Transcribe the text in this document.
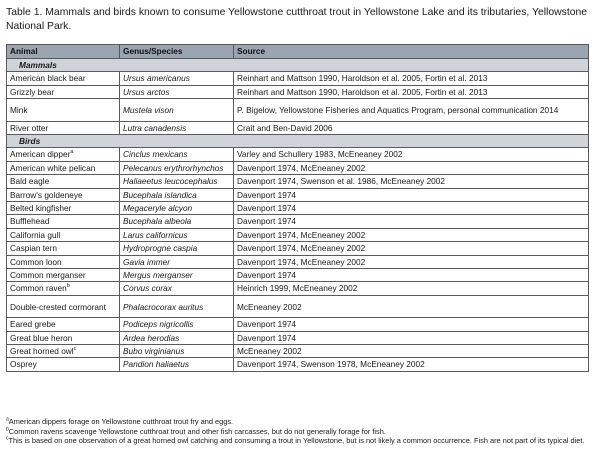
Table 1. Mammals and birds known to consume Yellowstone cutthroat trout in Yellowstone Lake and its tributaries, Yellowstone National Park.
Animal	Genus/Species	Source
Mammals		
American black bear	Ursus americanus	Reinhart and Mattson 1990, Haroldson et al. 2005, Fortin et al. 2013
Grizzly bear	Ursus arctos	Reinhart and Mattson 1990, Haroldson et al. 2005, Fortin et al. 2013
Mink	Mustela vison	P. Bigelow, Yellowstone Fisheries and Aquatics Program, personal communication 2014
River otter	Lutra canadensis	Crait and Ben-David 2006
Birds		
American dipper$^a$	Cinclus mexicans	Varley and Schullery 1983, McEneaney 2002
American white pelican	Pelecanus erythrorhynchos	Davenport 1974, McEneaney 2002
Bald eagle	Haliaeetus leucocephalus	Davenport 1974, Swenson et al. 1986, McEneaney 2002
Barrow's goldeneye	Bucephala islandica	Davenport 1974
Belted kingfisher	Megaceryle alcyon	Davenport 1974
Bufflehead	Bucephala albeola	Davenport 1974
California gull	Larus californicus	Davenport 1974, McEneaney 2002
Caspian tern	Hydroprogne caspia	Davenport 1974, McEneaney 2002
Common loon	Gavia immer	Davenport 1974, McEneaney 2002
Common merganser	Mergus merganser	Davenport 1974
Common raven$^b$	Corvus corax	Heinrich 1999, McEneaney 2002
Double-crested cormorant	Phalacrocorax auritus	McEneaney 2002
Eared grebe	Podiceps nigricollis	Davenport 1974
Great blue heron	Ardea herodias	Davenport 1974
Great horned owl$^c$	Bubo virginianus	McEneaney 2002
Osprey	Pandion haliaetus	Davenport 1974, Swenson 1978, McEneaney 2002
$^a$American dippers forage on Yellowstone cutthroat trout fry and eggs.
$^b$Common ravens scavenge Yellowstone cutthroat trout and other fish carcasses, but do not generally forage for fish.
$^c$This is based on one observation of a great horned owl catching and consuming a trout in Yellowstone, but is not likely a common occurrence. Fish are not part of its typical diet.
